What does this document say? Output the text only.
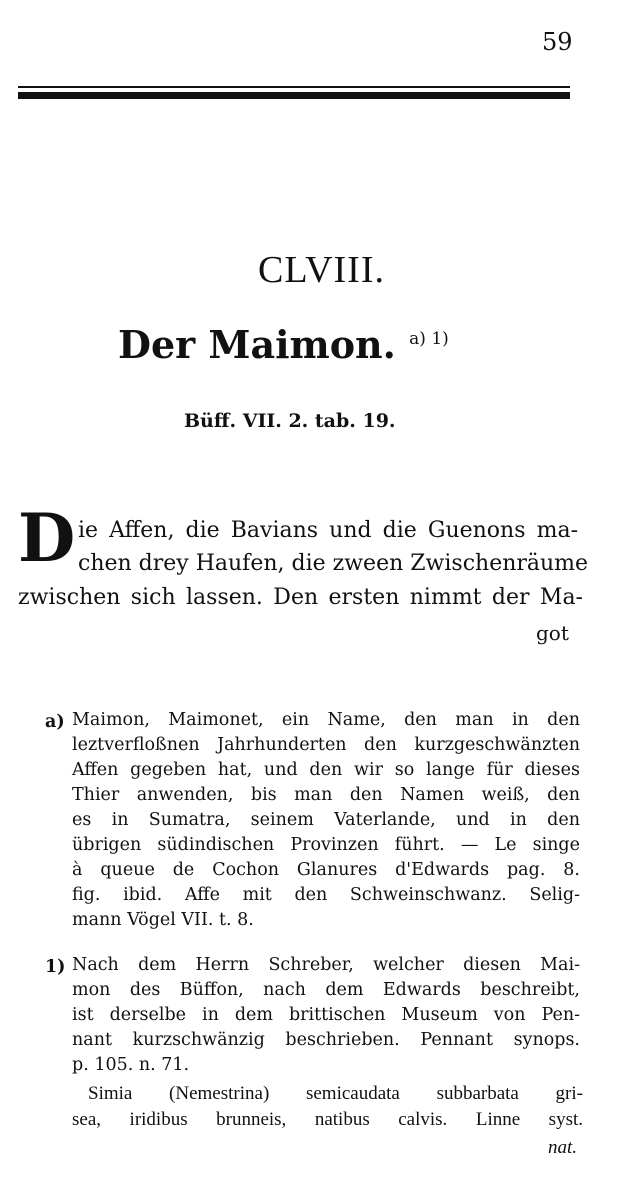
59
CLVIII.
Der Maimon. $^{a) 1)}$
Büff. VII. 2. tab. 19.
D ie Affen, die Bavians und die Guenons ma-
chen drey Haufen, die zween Zwischenräume
zwischen sich lassen. Den ersten nimmt der Ma-
got
a) Maimon, Maimonet, ein Name, den man in den
leztverfloßnen Jahrhunderten den kurzgeschwänzten
Affen gegeben hat, und den wir so lange für dieses
Thier anwenden, bis man den Namen weiß, den
es in Sumatra, seinem Vaterlande, und in den
übrigen südindischen Provinzen führt. — Le singe
à queue de Cochon Glanures d'Edwards pag. 8.
fig. ibid. Affe mit den Schweinschwanz. Selig-
mann Vögel VII. t. 8.
1) Nach dem Herrn Schreber, welcher diesen Mai-
mon des Büffon, nach dem Edwards beschreibt,
ist derselbe in dem brittischen Museum von Pen-
nant kurzschwänzig beschrieben. Pennant synops.
p. 105. n. 71.
Simia (Nemestrina) semicaudata subbarbata gri-
sea, iridibus brunneis, natibus calvis. Linne syst.
nat.
